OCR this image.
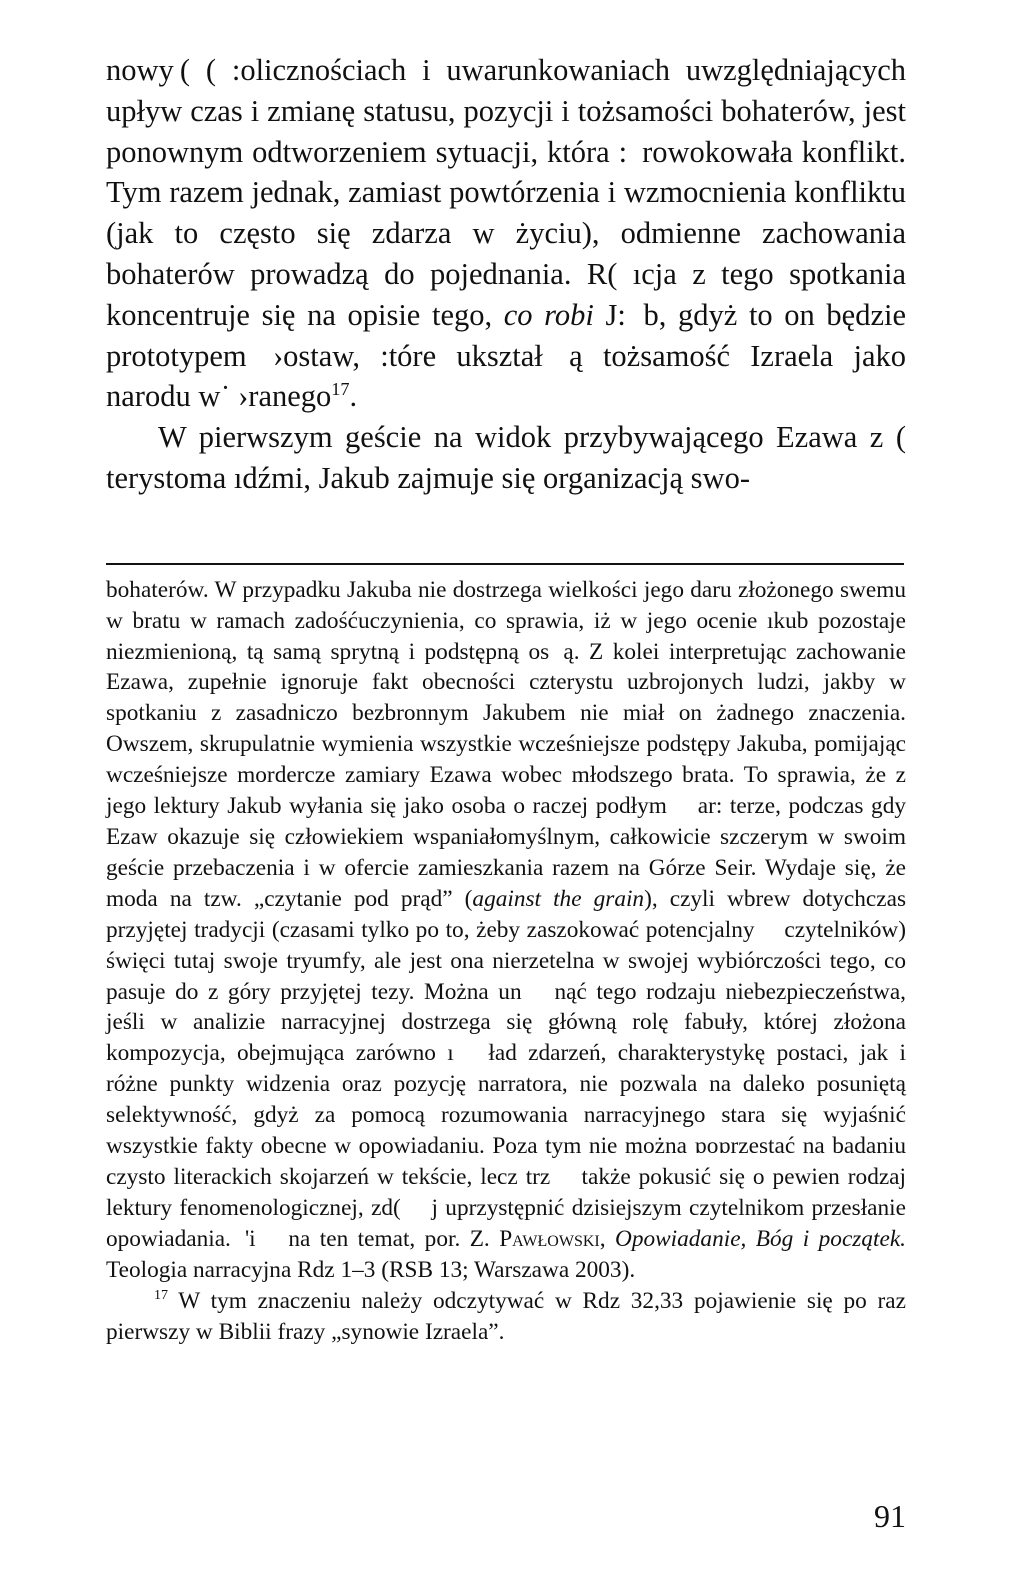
nowy ( ( :olicznościach i uwarunkowaniach uwzględniających upływ czas i zmianę statusu, pozycji i tożsamości bohaterów, jest ponownym odtworzeniem sytuacji, która :  rowokowała konflikt. Tym razem jednak, zamiast powtórzenia i wzmocnienia konfliktu (jak to często się zdarza w życiu), odmienne zachowania bohaterów prowadzą do pojednania. R( ıcja z tego spotkania koncentruje się na opisie tego, co robi J:  b, gdyż to on będzie prototypem  ›ostaw, :tóre ukształ  ą tożsamość Izraela jako narodu w˙ ›ranego$^{17}$.

W pierwszym geście na widok przybywającego Ezawa z ( terystoma ıdźmi, Jakub zajmuje się organizacją swo-

bohaterów. W przypadku Jakuba nie dostrzega wielkości jego daru złożonego swemu w bratu w ramach zadośćuczynienia, co sprawia, iż w jego ocenie ıkub pozostaje niezmienioną, tą samą sprytną i podstępną os  ą. Z kolei interpretując zachowanie Ezawa, zupełnie ignoruje fakt obecności czterystu uzbrojonych ludzi, jakby w spotkaniu z zasadniczo bezbronnym Jakubem nie miał on żadnego znaczenia. Owszem, skrupulatnie wymienia wszystkie wcześniejsze podstępy Jakuba, pomijając wcześniejsze mordercze zamiary Ezawa wobec młodszego brata. To sprawia, że z jego lektury Jakub wyłania się jako osoba o raczej podłym  ar: terze, podczas gdy Ezaw okazuje się człowiekiem wspaniałomyślnym, całkowicie szczerym w swoim geście przebaczenia i w ofercie zamieszkania razem na Górze Seir. Wydaje się, że moda na tzw. „czytanie pod prąd” (against the grain), czyli wbrew dotychczas przyjętej tradycji (czasami tylko po to, żeby zaszokować potencjalny  czytelników) święci tutaj swoje tryumfy, ale jest ona nierzetelna w swojej wybiórczości tego, co pasuje do z góry przyjętej tezy. Można un  nąć tego rodzaju niebezpieczeństwa, jeśli w analizie narracyjnej dostrzega się główną rolę fabuły, której złożona kompozycja, obejmująca zarówno ı  ład zdarzeń, charakterystykę postaci, jak i różne punkty widzenia oraz pozycję narratora, nie pozwala na daleko posuniętą selektywność, gdyż za pomocą rozumowania narracyjnego stara się wyjaśnić wszystkie fakty obecne w opowiadaniu. Poza tym nie można ɒoɒrzestać na badaniu czysto literackich skojarzeń w tekście, lecz trz  także pokusić się o pewien rodzaj lektury fenomenologicznej, zd(  j uprzystępnić dzisiejszym czytelnikom przesłanie opowiadania.  'i  na ten temat, por. Z. Pawłowski, Opowiadanie, Bóg i początek. Teologia narracyjna Rdz 1–3 (RSB 13; Warszawa 2003).

$^{17}$ W tym znaczeniu należy odczytywać w Rdz 32,33 pojawienie się po raz pierwszy w Biblii frazy „synowie Izraela”.

91
